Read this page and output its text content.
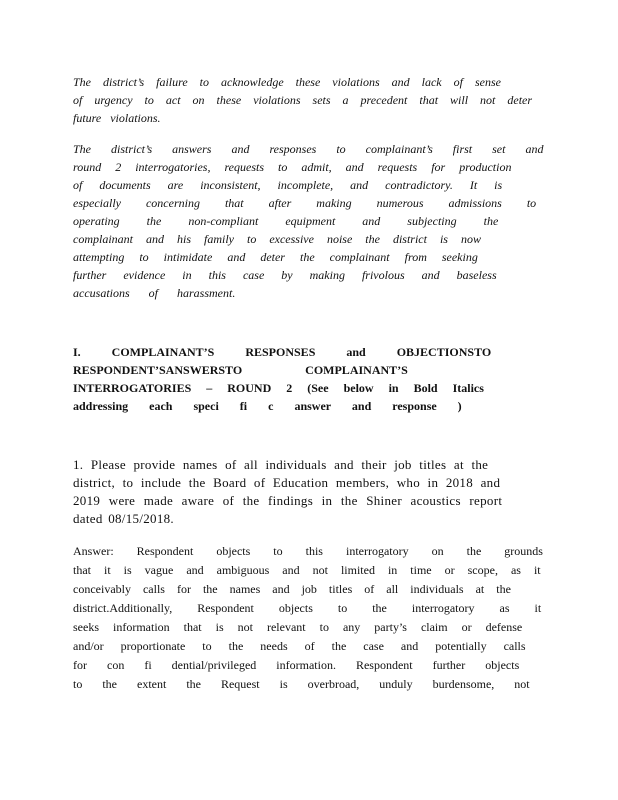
The district’s failure to acknowledge these violations and lack of sense
of urgency to act on these violations sets a precedent that will not deter
future violations.
The district’s answers and responses to complainant’s first set and
round 2 interrogatories, requests to admit, and requests for production
of documents are inconsistent, incomplete, and contradictory. It is
especially concerning that after making numerous admissions to
operating the non-compliant equipment and subjecting the
complainant and his family to excessive noise the district is now
attempting to intimidate and deter the complainant from seeking
further evidence in this case by making frivolous and baseless
accusations of harassment.
I. COMPLAINANT’S RESPONSES and OBJECTIONSTO
RESPONDENT’SANSWERSTO COMPLAINANT’S
INTERROGATORIES – ROUND 2 (See below in Bold Italics
addressing each speci fi c answer and response )
1. Please provide names of all individuals and their job titles at the
district, to include the Board of Education members, who in 2018 and
2019 were made aware of the findings in the Shiner acoustics report
dated 08/15/2018.
Answer: Respondent objects to this interrogatory on the grounds
that it is vague and ambiguous and not limited in time or scope, as it
conceivably calls for the names and job titles of all individuals at the
district.Additionally, Respondent objects to the interrogatory as it
seeks information that is not relevant to any party’s claim or defense
and/or proportionate to the needs of the case and potentially calls
for con fi dential/privileged information. Respondent further objects
to the extent the Request is overbroad, unduly burdensome, not
